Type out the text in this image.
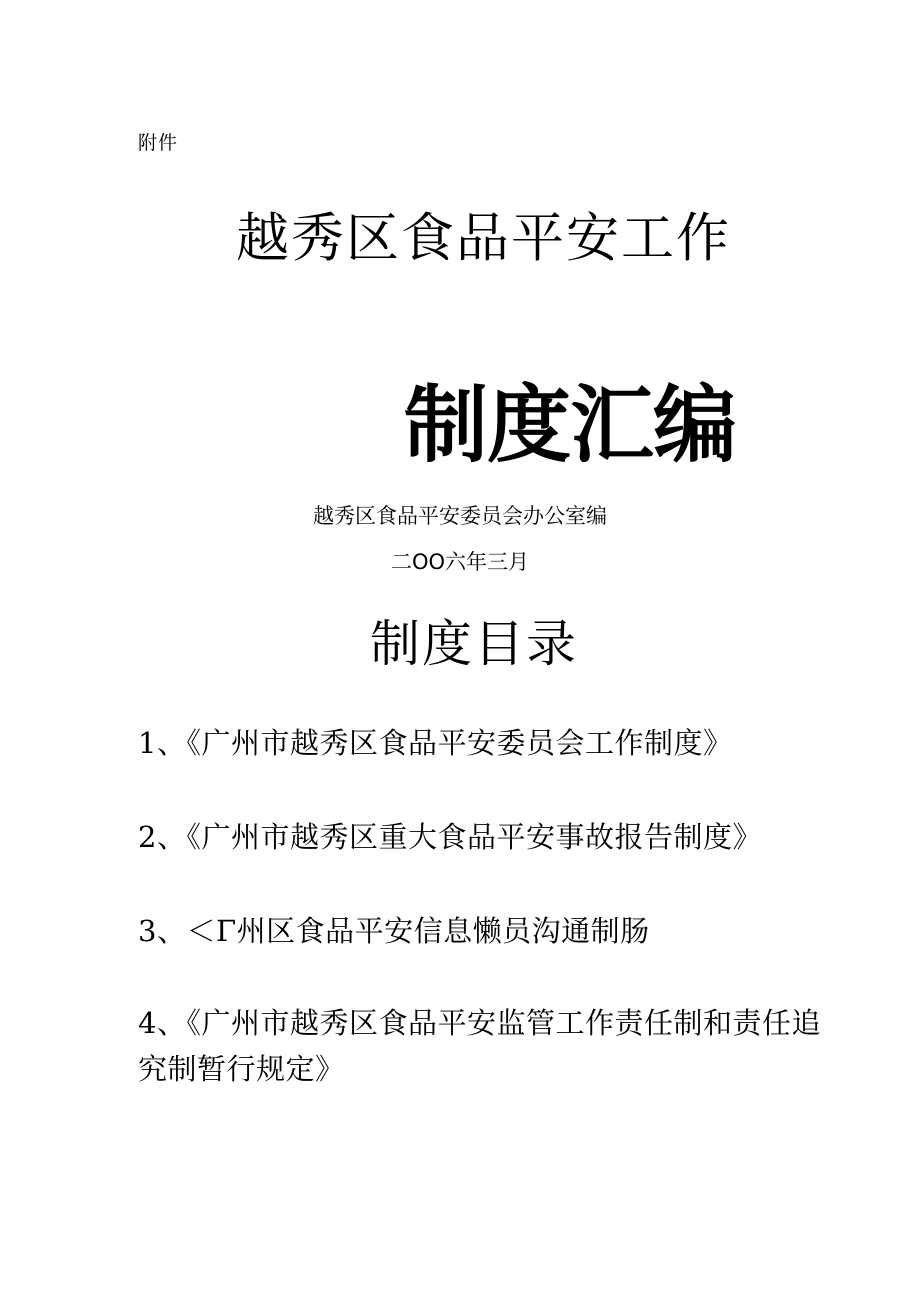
附件
越秀区食品平安工作
制度汇编
越秀区食品平安委员会办公室编
二OO六年三月
制度目录
1、《广州市越秀区食品平安委员会工作制度》
2、《广州市越秀区重大食品平安事故报告制度》
3、＜Γ州区食品平安信息懒员沟通制肠
4、《广州市越秀区食品平安监管工作责任制和责任追究制暂行规定》
